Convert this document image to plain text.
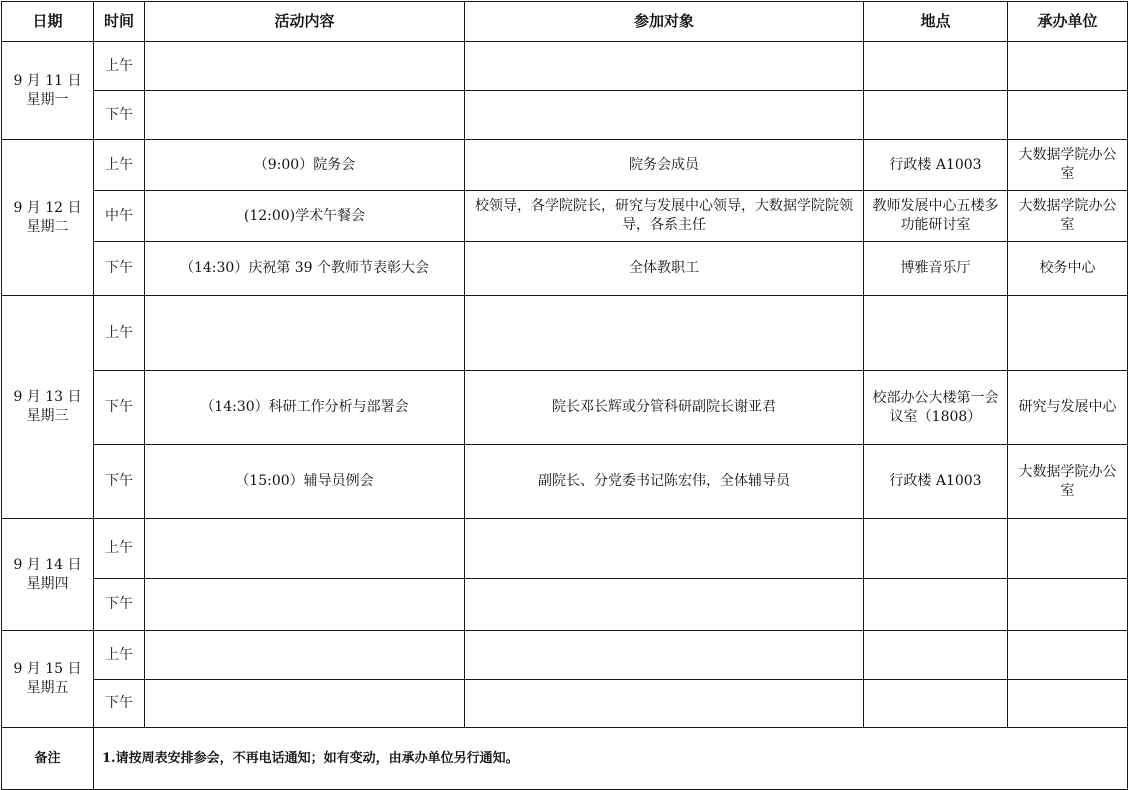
日期	时间	活动内容	参加对象	地点	承办单位

9 月 11 日
星期一	上午				
	下午				

9 月 12 日
星期二	上午	（9:00）院务会	院务会成员	行政楼 A1003	大数据学院办公室
	中午	(12:00)学术午餐会	校领导，各学院院长，研究与发展中心领导，大数据学院院领导，各系主任	教师发展中心五楼多功能研讨室	大数据学院办公室
	下午	（14:30）庆祝第 39 个教师节表彰大会	全体教职工	博雅音乐厅	校务中心

9 月 13 日
星期三	上午				
	下午	（14:30）科研工作分析与部署会	院长邓长辉或分管科研副院长谢亚君	校部办公大楼第一会议室（1808）	研究与发展中心
	下午	（15:00）辅导员例会	副院长、分党委书记陈宏伟，全体辅导员	行政楼 A1003	大数据学院办公室

9 月 14 日
星期四	上午				
	下午				

9 月 15 日
星期五	上午				
	下午				
备注	1.请按周表安排参会，不再电话通知；如有变动，由承办单位另行通知。				
